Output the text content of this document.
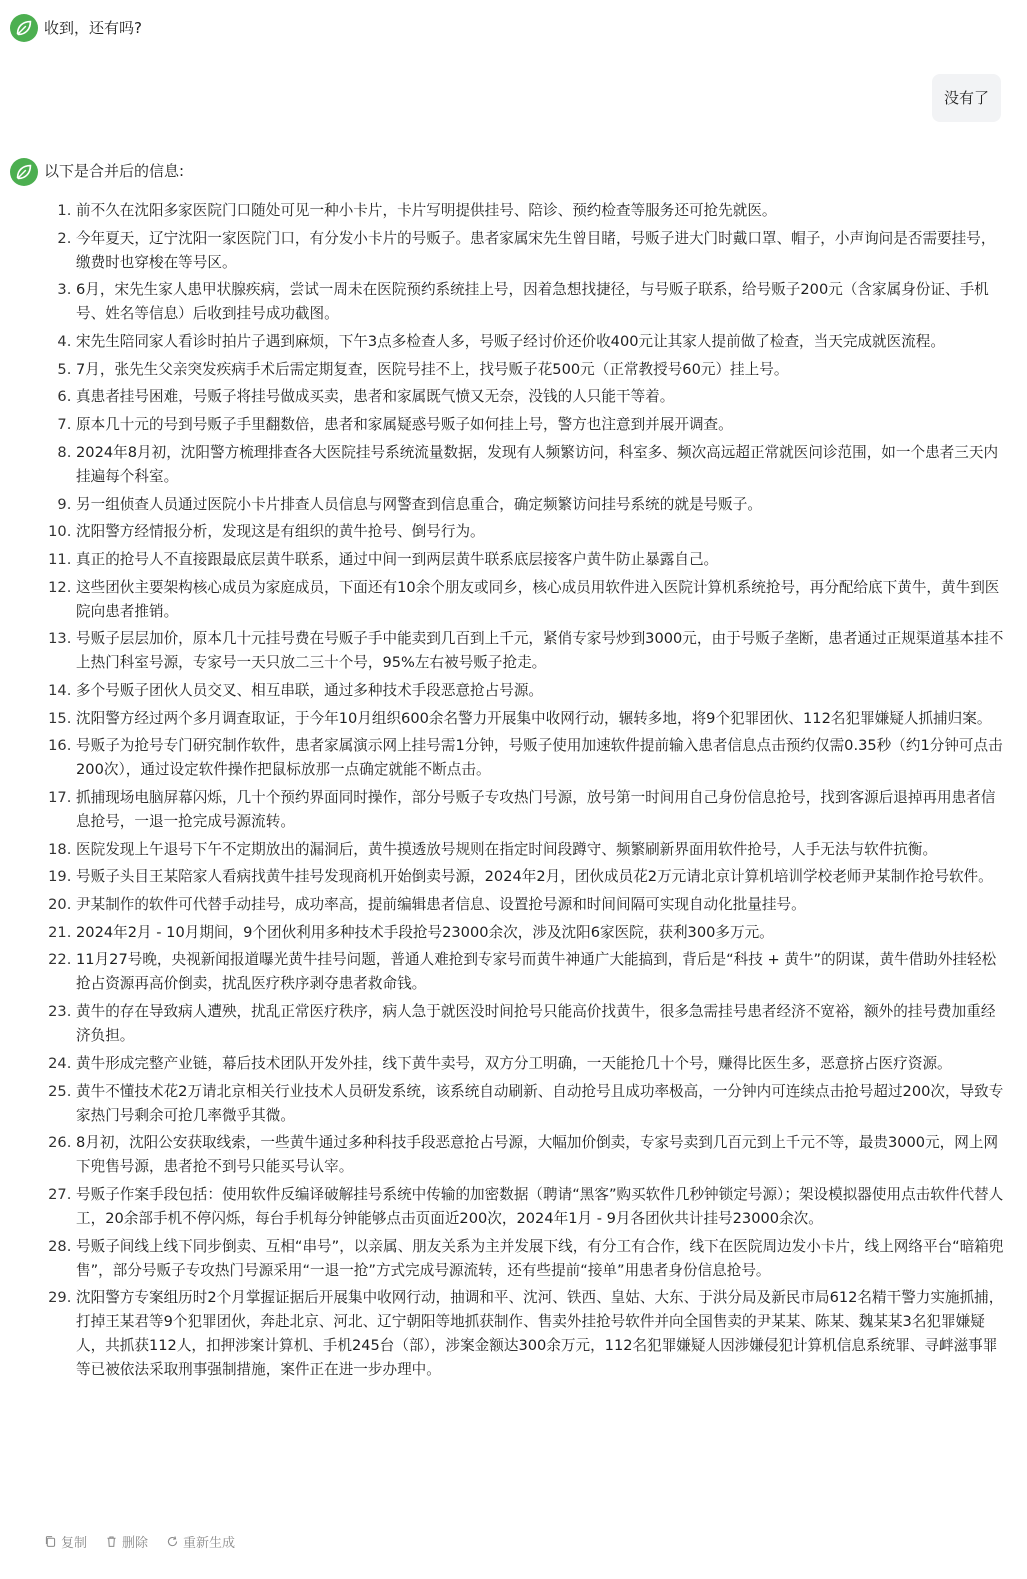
收到，还有吗?
没有了
以下是合并后的信息:
1. 前不久在沈阳多家医院门口随处可见一种小卡片，卡片写明提供挂号、陪诊、预约检查等服务还可抢先就医。
2. 今年夏天，辽宁沈阳一家医院门口，有分发小卡片的号贩子。患者家属宋先生曾目睹，号贩子进大门时戴口罩、帽子，小声询问是否需要挂号，缴费时也穿梭在等号区。
3. 6月，宋先生家人患甲状腺疾病，尝试一周未在医院预约系统挂上号，因着急想找捷径，与号贩子联系，给号贩子200元（含家属身份证、手机号、姓名等信息）后收到挂号成功截图。
4. 宋先生陪同家人看诊时拍片子遇到麻烦，下午3点多检查人多，号贩子经讨价还价收400元让其家人提前做了检查，当天完成就医流程。
5. 7月，张先生父亲突发疾病手术后需定期复查，医院号挂不上，找号贩子花500元（正常教授号60元）挂上号。
6. 真患者挂号困难，号贩子将挂号做成买卖，患者和家属既气愤又无奈，没钱的人只能干等着。
7. 原本几十元的号到号贩子手里翻数倍，患者和家属疑惑号贩子如何挂上号，警方也注意到并展开调查。
8. 2024年8月初，沈阳警方梳理排查各大医院挂号系统流量数据，发现有人频繁访问，科室多、频次高远超正常就医问诊范围，如一个患者三天内挂遍每个科室。
9. 另一组侦查人员通过医院小卡片排查人员信息与网警查到信息重合，确定频繁访问挂号系统的就是号贩子。
10. 沈阳警方经情报分析，发现这是有组织的黄牛抢号、倒号行为。
11. 真正的抢号人不直接跟最底层黄牛联系，通过中间一到两层黄牛联系底层接客户黄牛防止暴露自己。
12. 这些团伙主要架构核心成员为家庭成员，下面还有10余个朋友或同乡，核心成员用软件进入医院计算机系统抢号，再分配给底下黄牛，黄牛到医院向患者推销。
13. 号贩子层层加价，原本几十元挂号费在号贩子手中能卖到几百到上千元，紧俏专家号炒到3000元，由于号贩子垄断，患者通过正规渠道基本挂不上热门科室号源，专家号一天只放二三十个号，95%左右被号贩子抢走。
14. 多个号贩子团伙人员交叉、相互串联，通过多种技术手段恶意抢占号源。
15. 沈阳警方经过两个多月调查取证，于今年10月组织600余名警力开展集中收网行动，辗转多地，将9个犯罪团伙、112名犯罪嫌疑人抓捕归案。
16. 号贩子为抢号专门研究制作软件，患者家属演示网上挂号需1分钟，号贩子使用加速软件提前输入患者信息点击预约仅需0.35秒（约1分钟可点击200次），通过设定软件操作把鼠标放那一点确定就能不断点击。
17. 抓捕现场电脑屏幕闪烁，几十个预约界面同时操作，部分号贩子专攻热门号源，放号第一时间用自己身份信息抢号，找到客源后退掉再用患者信息抢号，一退一抢完成号源流转。
18. 医院发现上午退号下午不定期放出的漏洞后，黄牛摸透放号规则在指定时间段蹲守、频繁刷新界面用软件抢号，人手无法与软件抗衡。
19. 号贩子头目王某陪家人看病找黄牛挂号发现商机开始倒卖号源，2024年2月，团伙成员花2万元请北京计算机培训学校老师尹某制作抢号软件。
20. 尹某制作的软件可代替手动挂号，成功率高，提前编辑患者信息、设置抢号源和时间间隔可实现自动化批量挂号。
21. 2024年2月 - 10月期间，9个团伙利用多种技术手段抢号23000余次，涉及沈阳6家医院，获利300多万元。
22. 11月27号晚，央视新闻报道曝光黄牛挂号问题，普通人难抢到专家号而黄牛神通广大能搞到，背后是“科技 + 黄牛”的阴谋，黄牛借助外挂轻松抢占资源再高价倒卖，扰乱医疗秩序剥夺患者救命钱。
23. 黄牛的存在导致病人遭殃，扰乱正常医疗秩序，病人急于就医没时间抢号只能高价找黄牛，很多急需挂号患者经济不宽裕，额外的挂号费加重经济负担。
24. 黄牛形成完整产业链，幕后技术团队开发外挂，线下黄牛卖号，双方分工明确，一天能抢几十个号，赚得比医生多，恶意挤占医疗资源。
25. 黄牛不懂技术花2万请北京相关行业技术人员研发系统，该系统自动刷新、自动抢号且成功率极高，一分钟内可连续点击抢号超过200次，导致专家热门号剩余可抢几率微乎其微。
26. 8月初，沈阳公安获取线索，一些黄牛通过多种科技手段恶意抢占号源，大幅加价倒卖，专家号卖到几百元到上千元不等，最贵3000元，网上网下兜售号源，患者抢不到号只能买号认宰。
27. 号贩子作案手段包括：使用软件反编译破解挂号系统中传输的加密数据（聘请“黑客”购买软件几秒钟锁定号源）；架设模拟器使用点击软件代替人工，20余部手机不停闪烁，每台手机每分钟能够点击页面近200次，2024年1月 - 9月各团伙共计挂号23000余次。
28. 号贩子间线上线下同步倒卖、互相“串号”，以亲属、朋友关系为主并发展下线，有分工有合作，线下在医院周边发小卡片，线上网络平台“暗箱兜售”，部分号贩子专攻热门号源采用“一退一抢”方式完成号源流转，还有些提前“接单”用患者身份信息抢号。
29. 沈阳警方专案组历时2个月掌握证据后开展集中收网行动，抽调和平、沈河、铁西、皇姑、大东、于洪分局及新民市局612名精干警力实施抓捕，打掉王某君等9个犯罪团伙，奔赴北京、河北、辽宁朝阳等地抓获制作、售卖外挂抢号软件并向全国售卖的尹某某、陈某、魏某某3名犯罪嫌疑人，共抓获112人，扣押涉案计算机、手机245台（部），涉案金额达300余万元，112名犯罪嫌疑人因涉嫌侵犯计算机信息系统罪、寻衅滋事罪等已被依法采取刑事强制措施，案件正在进一步办理中。
复制	删除	重新生成
